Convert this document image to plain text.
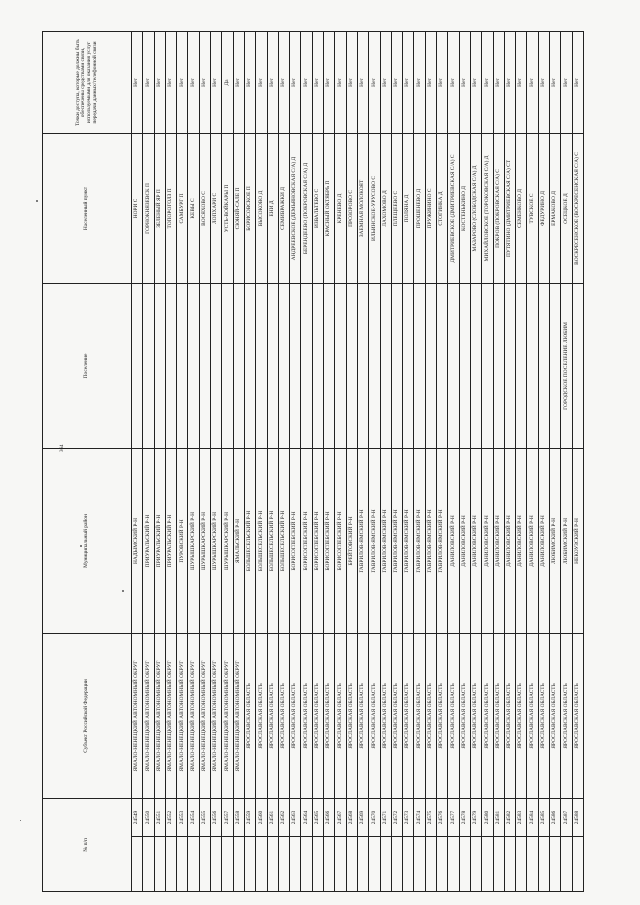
364
№ п/п		Субъект Российской Федерации	Муниципальный район	Поселение	Населенный пункт	Точки доступа, которые должны быть обеспечены средствами связи, используемыми для оказания услуг передачи данных/телефонной связи
	24549	ЯМАЛО-НЕНЕЦКИЙ АВТОНОМНЫЙ ОКРУГ	НАДЫМСКИЙ Р-Н		НОРИ С	Нет
	24550	ЯМАЛО-НЕНЕЦКИЙ АВТОНОМНЫЙ ОКРУГ	ПРИУРАЛЬСКИЙ Р-Н		ГОРНОКНЯЗЕВСК П	Нет
	24551	ЯМАЛО-НЕНЕЦКИЙ АВТОНОМНЫЙ ОКРУГ	ПРИУРАЛЬСКИЙ Р-Н		ЗЕЛЕНЫЙ ЯР П	Нет
	24552	ЯМАЛО-НЕНЕЦКИЙ АВТОНОМНЫЙ ОКРУГ	ПРИУРАЛЬСКИЙ Р-Н		ТОПОРОГОЛЗ П	Нет
	24553	ЯМАЛО-НЕНЕЦКИЙ АВТОНОМНЫЙ ОКРУГ	ПУРОВСКИЙ Р-Н		САМБУРГ П	Нет
	24554	ЯМАЛО-НЕНЕЦКИЙ АВТОНОМНЫЙ ОКРУГ	ШУРЫШКАРСКИЙ Р-Н		КЕВЫ С	Нет
	24555	ЯМАЛО-НЕНЕЦКИЙ АВТОНОМНЫЙ ОКРУГ	ШУРЫШКАРСКИЙ Р-Н		ВОСЯХОВО С	Нет
	24556	ЯМАЛО-НЕНЕЦКИЙ АВТОНОМНЫЙ ОКРУГ	ШУРЫШКАРСКИЙ Р-Н		ЛОПХАРИ С	Нет
	24557	ЯМАЛО-НЕНЕЦКИЙ АВТОНОМНЫЙ ОКРУГ	ШУРЫШКАРСКИЙ Р-Н		УСТЬ-ВОЙКАРЫ П	Да
	24558	ЯМАЛО-НЕНЕЦКИЙ АВТОНОМНЫЙ ОКРУГ	ЯМАЛЬСКИЙ Р-Н		СЮНЯЙ-САЛЕ П	Нет
	24559	ЯРОСЛАВСКАЯ ОБЛАСТЬ	БОЛЬШЕСЕЛЬСКИЙ Р-Н		БОРИСОВСКОЕ П	Нет
	24560	ЯРОСЛАВСКАЯ ОБЛАСТЬ	БОЛЬШЕСЕЛЬСКИЙ Р-Н		ВЫСОКОВО Д	Нет
	24561	ЯРОСЛАВСКАЯ ОБЛАСТЬ	БОЛЬШЕСЕЛЬСКИЙ Р-Н		ЕНИ Д	Нет
	24562	ЯРОСЛАВСКАЯ ОБЛАСТЬ	БОЛЬШЕСЕЛЬСКИЙ Р-Н		СЕМИВРАЖКИ Д	Нет
	24563	ЯРОСЛАВСКАЯ ОБЛАСТЬ	БОРИСОГЛЕБСКИЙ Р-Н		АНДРЕЕВСКОЕ (ДЕМЬЯНОВСКАЯ С/А) Д	Нет
	24564	ЯРОСЛАВСКАЯ ОБЛАСТЬ	БОРИСОГЛЕБСКИЙ Р-Н		БЕРЕНДЕЕВО (ПОКРОВСКАЯ С/А) Д	Нет
	24565	ЯРОСЛАВСКАЯ ОБЛАСТЬ	БОРИСОГЛЕБСКИЙ Р-Н		ИЗВАЛЬТЕВО С	Нет
	24566	ЯРОСЛАВСКАЯ ОБЛАСТЬ	БОРИСОГЛЕБСКИЙ Р-Н		КРАСНЫЙ ОКТЯБРЬ П	Нет
	24567	ЯРОСЛАВСКАЯ ОБЛАСТЬ	БОРИСОГЛЕБСКИЙ Р-Н		КРЕНЕВО Д	Нет
	24568	ЯРОСЛАВСКАЯ ОБЛАСТЬ	БРЕЙТОВСКИЙ Р-Н		ПРОЗОРОВО С	Нет
	24569	ЯРОСЛАВСКАЯ ОБЛАСТЬ	ГАВРИЛОВ-ЯМСКИЙ Р-Н		ЗАЕМНАЯ МОЛОКОЯТ	Нет
	24570	ЯРОСЛАВСКАЯ ОБЛАСТЬ	ГАВРИЛОВ-ЯМСКИЙ Р-Н		ИЛЬИНСКОЕ-УРУСОВО С	Нет
	24571	ЯРОСЛАВСКАЯ ОБЛАСТЬ	ГАВРИЛОВ-ЯМСКИЙ Р-Н		ЛАХОМОВО Д	Нет
	24572	ЯРОСЛАВСКАЯ ОБЛАСТЬ	ГАВРИЛОВ-ЯМСКИЙ Р-Н		ПЛЕЩЕЕВО С	Нет
	24573	ЯРОСЛАВСКАЯ ОБЛАСТЬ	ГАВРИЛОВ-ЯМСКИЙ Р-Н		ПОЛЯНА Д	Нет
	24574	ЯРОСЛАВСКАЯ ОБЛАСТЬ	ГАВРИЛОВ-ЯМСКИЙ Р-Н		ПРОШЕНЕВО Д	Нет
	24575	ЯРОСЛАВСКАЯ ОБЛАСТЬ	ГАВРИЛОВ-ЯМСКИЙ Р-Н		ПРУЖИНИНО С	Нет
	24576	ЯРОСЛАВСКАЯ ОБЛАСТЬ	ГАВРИЛОВ-ЯМСКИЙ Р-Н		СТОГИНКА Д	Нет
	24577	ЯРОСЛАВСКАЯ ОБЛАСТЬ	ДАНИЛОВСКИЙ Р-Н		ДМИТРИЕВСКОЕ (ДМИТРИЕВСКАЯ С/А) С	Нет
	24578	ЯРОСЛАВСКАЯ ОБЛАСТЬ	ДАНИЛОВСКИЙ Р-Н		КОСТЕНЬКИНО Д	Нет
	24579	ЯРОСЛАВСКАЯ ОБЛАСТЬ	ДАНИЛОВСКИЙ Р-Н		МАЗАРОВО (СЛОБОДСКАЯ С/А) Д	Нет
	24580	ЯРОСЛАВСКАЯ ОБЛАСТЬ	ДАНИЛОВСКИЙ Р-Н		МИХАЙЛОВСКОЕ (ТОРОКОВСКАЯ С/А) Д	Нет
	24581	ЯРОСЛАВСКАЯ ОБЛАСТЬ	ДАНИЛОВСКИЙ Р-Н		ПОКРОВ (ПОКРОВСКАЯ С/А) С	Нет
	24582	ЯРОСЛАВСКАЯ ОБЛАСТЬ	ДАНИЛОВСКИЙ Р-Н		ПУТЯТИНО (ДМИТРИЕВСКАЯ С/А) СТ	Нет
	24583	ЯРОСЛАВСКАЯ ОБЛАСТЬ	ДАНИЛОВСКИЙ Р-Н		СЕМЕНКОВО Д	Нет
	24584	ЯРОСЛАВСКАЯ ОБЛАСТЬ	ДАНИЛОВСКИЙ Р-Н		ТУВСКОЕ С	Нет
	24585	ЯРОСЛАВСКАЯ ОБЛАСТЬ	ДАНИЛОВСКИЙ Р-Н		ФЕДУРИНО Д	Нет
	24586	ЯРОСЛАВСКАЯ ОБЛАСТЬ	ЛЮБИМСКИЙ Р-Н		ЕРМАКОВО Д	Нет
	24587	ЯРОСЛАВСКАЯ ОБЛАСТЬ	ЛЮБИМСКИЙ Р-Н	ГОРОДСКОЕ ПОСЕЛЕНИЕ ЛЮБИМ	ОСЕЦКОЕ Д	Нет
	24588	ЯРОСЛАВСКАЯ ОБЛАСТЬ	НЕКОУЗСКИЙ Р-Н		ВОСКРЕСЕНСКОЕ (ВОСКРЕСЕНСКАЯ С/А) С	Нет
